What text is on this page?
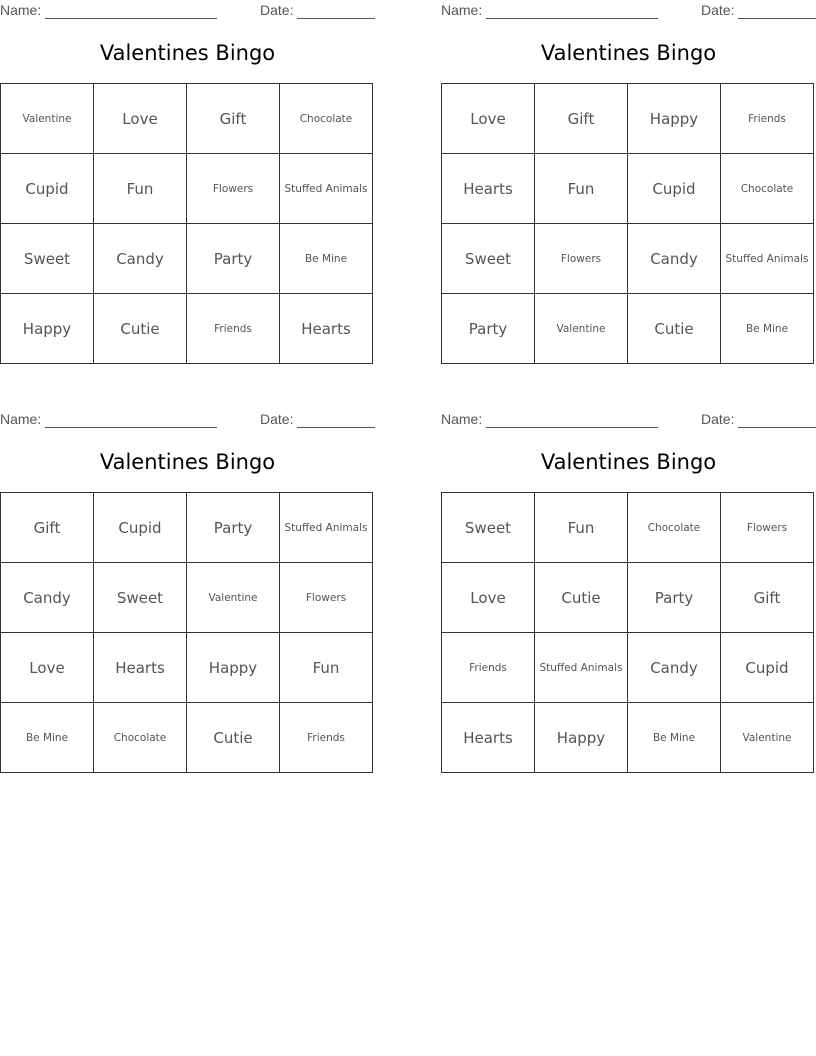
Name:	Date:
Valentines Bingo
Valentine	Love	Gift	Chocolate
Cupid	Fun	Flowers	Stuffed Animals
Sweet	Candy	Party	Be Mine
Happy	Cutie	Friends	Hearts
Name:	Date:
Valentines Bingo
Love	Gift	Happy	Friends
Hearts	Fun	Cupid	Chocolate
Sweet	Flowers	Candy	Stuffed Animals
Party	Valentine	Cutie	Be Mine
Name:	Date:
Valentines Bingo
Gift	Cupid	Party	Stuffed Animals
Candy	Sweet	Valentine	Flowers
Love	Hearts	Happy	Fun
Be Mine	Chocolate	Cutie	Friends
Name:	Date:
Valentines Bingo
Sweet	Fun	Chocolate	Flowers
Love	Cutie	Party	Gift
Friends	Stuffed Animals	Candy	Cupid
Hearts	Happy	Be Mine	Valentine
